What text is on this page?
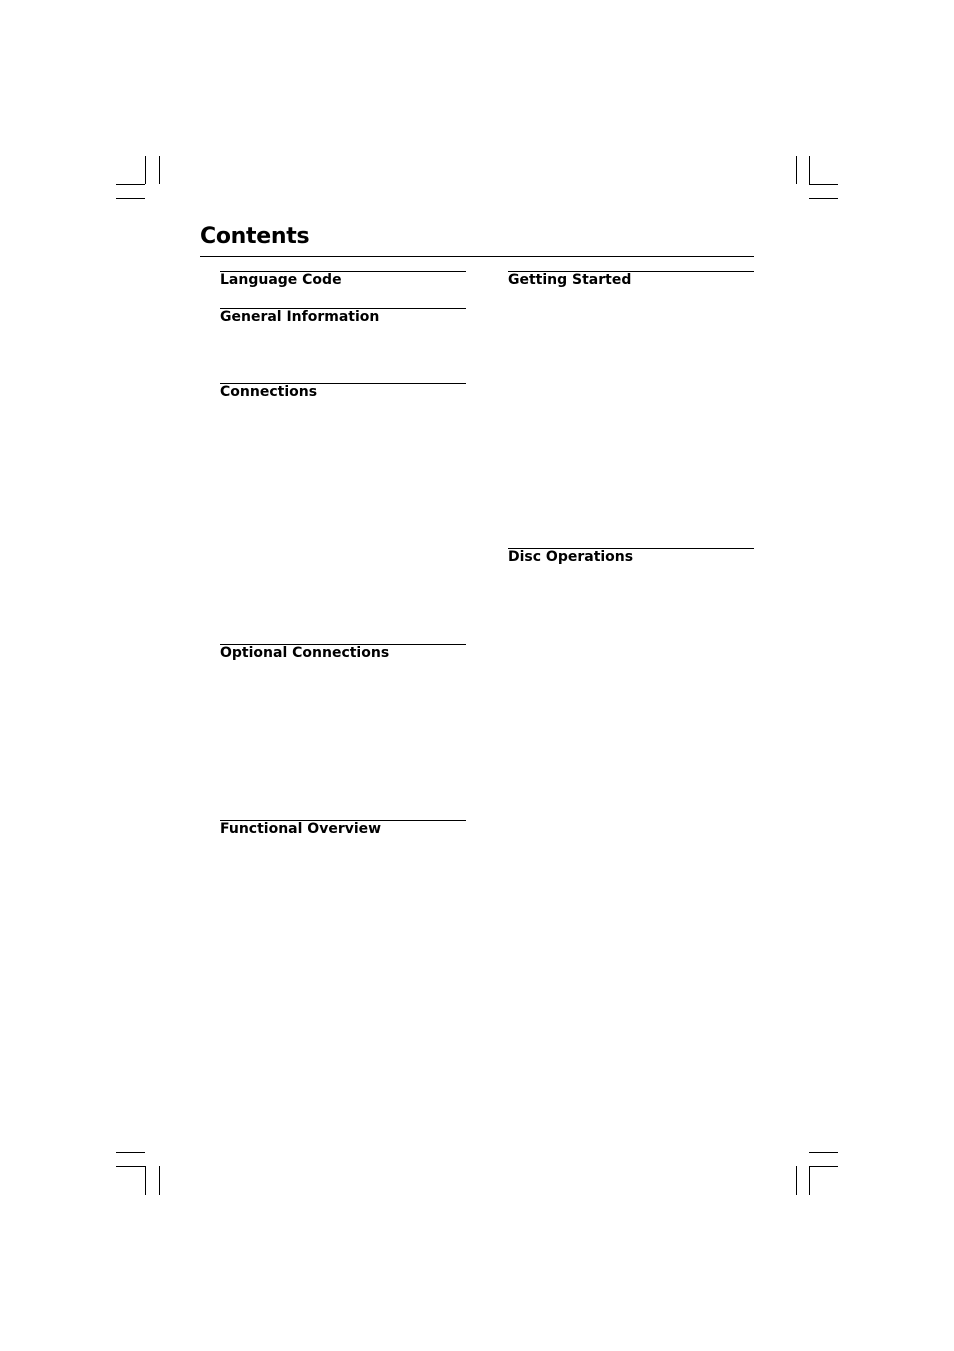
Contents
Language Code
General Information
Connections
Optional Connections
Functional Overview
Getting Started
Disc Operations
